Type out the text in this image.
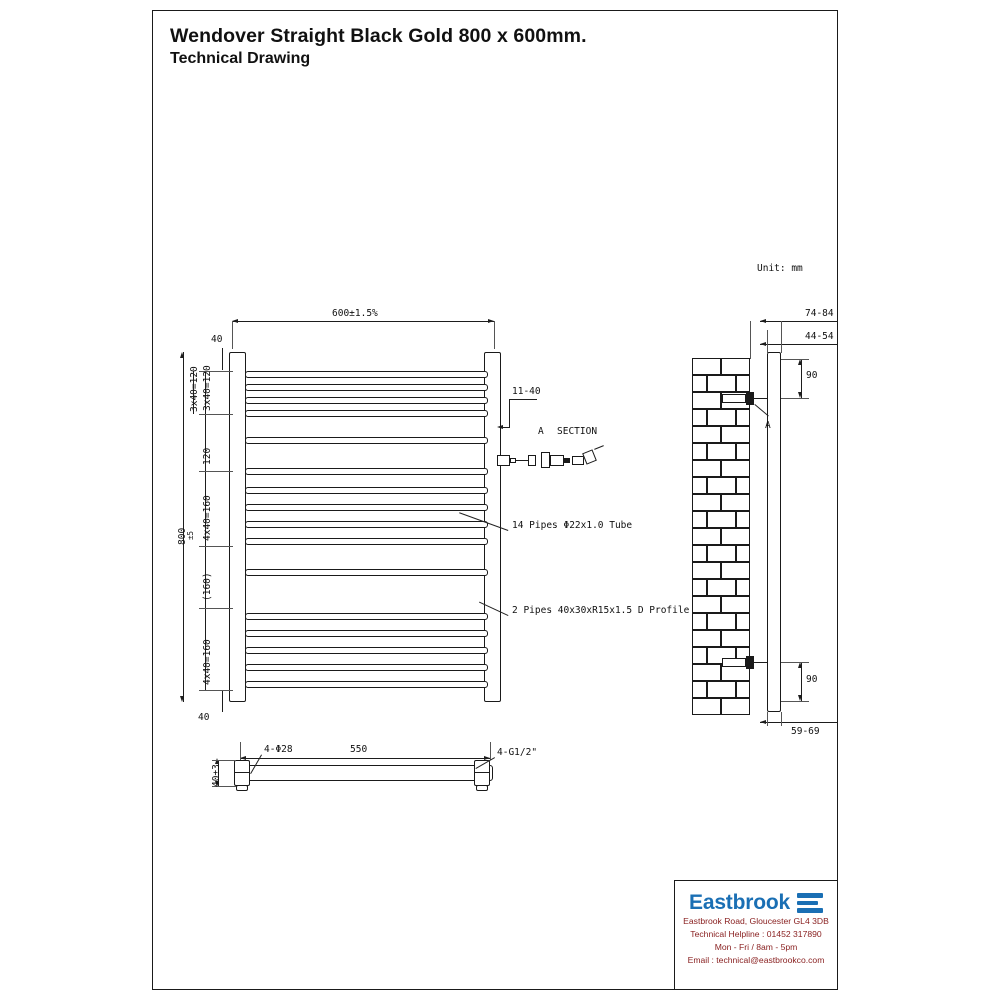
Wendover Straight Black Gold 800 x 600mm.
Technical Drawing
Unit: mm
600±1.5%
40
40
800
±5
3x40=120
120
4x40=160
(160)
4x40=160
3x40=120	11-40
A SECTION
14 Pipes Φ22x1.0 Tube
2 Pipes 40x30xR15x1.5 D Profile
A
74-84
44-54
90
90
59-69
550
4-Φ28	4-G1/2"
40±3
Eastbrook
Eastbrook Road, Gloucester GL4 3DB
Technical Helpline : 01452 317890
Mon - Fri / 8am - 5pm
Email : technical@eastbrookco.com
